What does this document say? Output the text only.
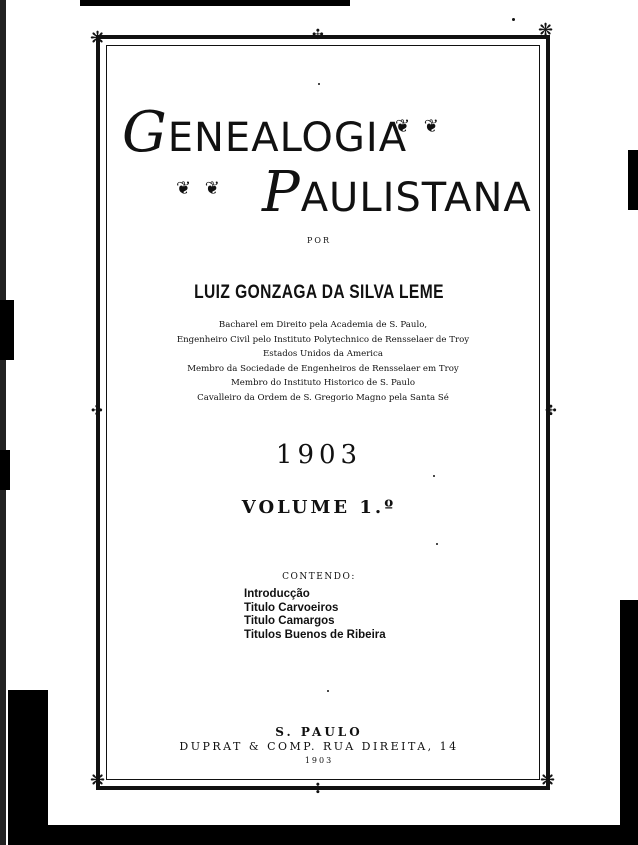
❋	❋
❋	❋
✣	✣
✣
✣
GENEALOGIA
❦ ❦
❦ ❦ PAULISTANA
POR
LUIZ GONZAGA DA SILVA LEME
Bacharel em Direito pela Academia de S. Paulo,
Engenheiro Civil pelo Instituto Polytechnico de Rensselaer de Troy
Estados Unidos da America
Membro da Sociedade de Engenheiros de Rensselaer em Troy
Membro do Instituto Historico de S. Paulo
Cavalleiro da Ordem de S. Gregorio Magno pela Santa Sé
1903
VOLUME 1.º
CONTENDO:
Introducção
Titulo Carvoeiros
Titulo Camargos
Titulos Buenos de Ribeira
S. PAULO
DUPRAT & COMP. RUA DIREITA, 14
1903
